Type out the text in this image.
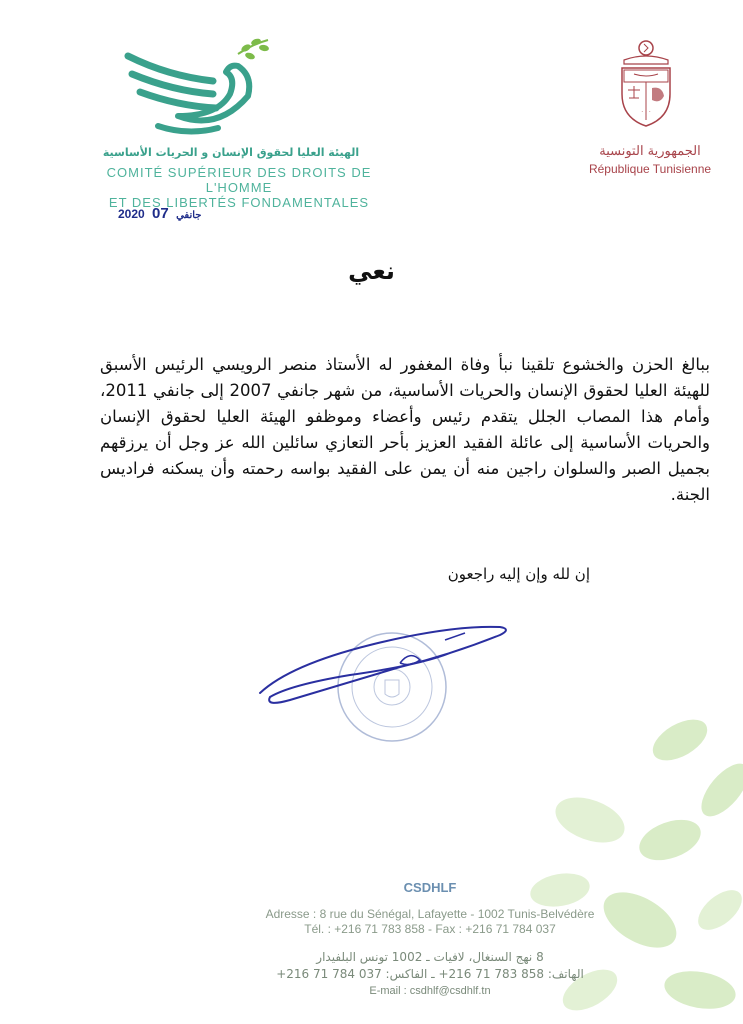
الهيئة العليا لحقوق الإنسان و الحريات الأساسية
COMITÉ SUPÉRIEUR DES DROITS DE L'HOMME
ET DES LIBERTÉS FONDAMENTALES
· · ·
الجمهورية التونسية
République Tunisienne
2020	جانفي 07
نعي
ببالغ الحزن والخشوع تلقينا نبأ وفاة المغفور له الأستاذ منصر الرويسي الرئيس الأسبق للهيئة العليا لحقوق الإنسان والحريات الأساسية، من شهر جانفي 2007 إلى جانفي 2011، وأمام هذا المصاب الجلل يتقدم رئيس وأعضاء وموظفو الهيئة العليا لحقوق الإنسان والحريات الأساسية إلى عائلة الفقيد العزيز بأحر التعازي سائلين الله عز وجل أن يرزقهم بجميل الصبر والسلوان راجين منه أن يمن على الفقيد بواسه رحمته وأن يسكنه فراديس الجنة.
إن لله وإن إليه راجعون
CSDHLF
Adresse : 8 rue du Sénégal, Lafayette - 1002 Tunis-Belvédère
Tél. : +216 71 783 858 - Fax : +216 71 784 037
8 نهج السنغال، لافيات ـ 1002 تونس البلفيدار
الهاتف: 858 783 71 216+ ـ الفاكس: 037 784 71 216+
E-mail : csdhlf@csdhlf.tn
